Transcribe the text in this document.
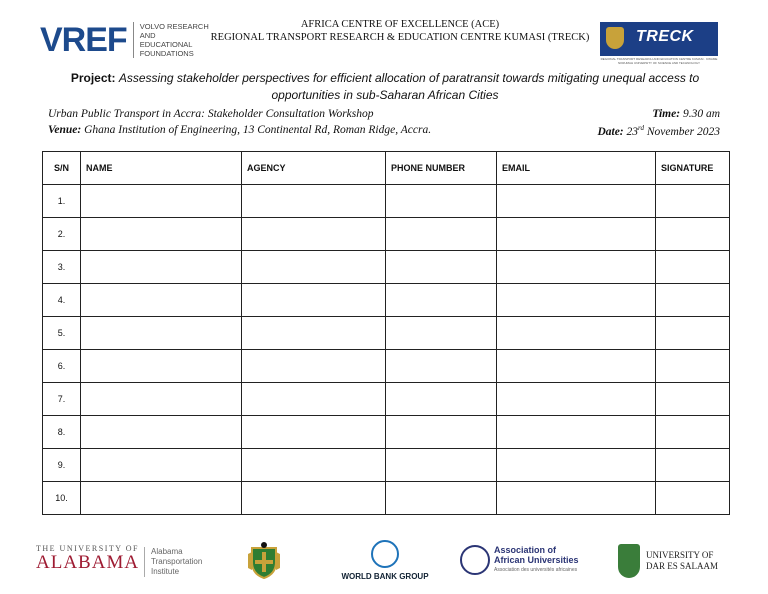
VREF	VOLVO RESEARCH AND EDUCATIONAL FOUNDATIONS
AFRICA CENTRE OF EXCELLENCE (ACE)
REGIONAL TRANSPORT RESEARCH & EDUCATION CENTRE KUMASI (TRECK)	TRECK
REGIONAL TRANSPORT RESEARCH AND EDUCATION CENTRE KUMASI · KWAME NKRUMAH UNIVERSITY OF SCIENCE AND TECHNOLOGY
Project: Assessing stakeholder perspectives for efficient allocation of paratransit towards mitigating unequal access to opportunities in sub-Saharan African Cities
Urban Public Transport in Accra: Stakeholder Consultation Workshop
Venue: Ghana Institution of Engineering, 13 Continental Rd, Roman Ridge, Accra.
Time: 9.30 am
Date: 23rd November 2023
S/N	NAME	AGENCY	PHONE NUMBER	EMAIL	SIGNATURE
1.					
2.					
3.					
4.					
5.					
6.					
7.					
8.					
9.					
10.					
THE UNIVERSITY OF
ALABAMA
Alabama Transportation Institute
WORLD BANK GROUP
Association of
African Universities
Association des universités africaines
UNIVERSITY OF
DAR ES SALAAM
